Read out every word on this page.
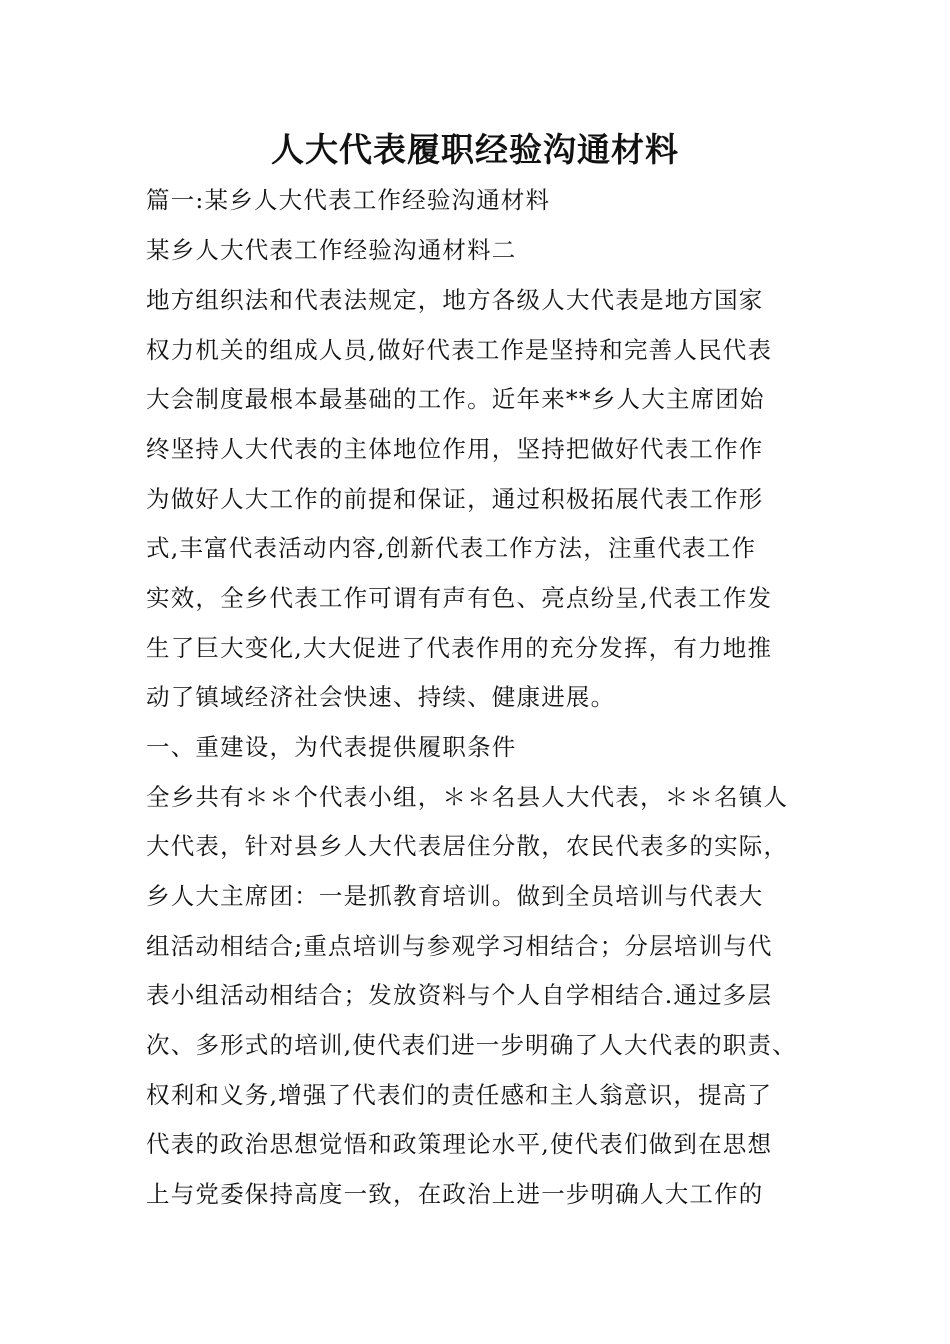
人大代表履职经验沟通材料

篇一:某乡人大代表工作经验沟通材料

某乡人大代表工作经验沟通材料二

地方组织法和代表法规定，地方各级人大代表是地方国家

权力机关的组成人员,做好代表工作是坚持和完善人民代表

大会制度最根本最基础的工作。近年来**乡人大主席团始

终坚持人大代表的主体地位作用，坚持把做好代表工作作

为做好人大工作的前提和保证，通过积极拓展代表工作形

式,丰富代表活动内容,创新代表工作方法，注重代表工作

实效，全乡代表工作可谓有声有色、亮点纷呈,代表工作发

生了巨大变化,大大促进了代表作用的充分发挥，有力地推

动了镇域经济社会快速、持续、健康进展。

一、重建设，为代表提供履职条件

全乡共有＊＊个代表小组，＊＊名县人大代表，＊＊名镇人

大代表，针对县乡人大代表居住分散，农民代表多的实际，

乡人大主席团：一是抓教育培训。做到全员培训与代表大

组活动相结合;重点培训与参观学习相结合；分层培训与代

表小组活动相结合；发放资料与个人自学相结合.通过多层

次、多形式的培训,使代表们进一步明确了人大代表的职责、

权利和义务,增强了代表们的责任感和主人翁意识，提高了

代表的政治思想觉悟和政策理论水平,使代表们做到在思想

上与党委保持高度一致，在政治上进一步明确人大工作的
